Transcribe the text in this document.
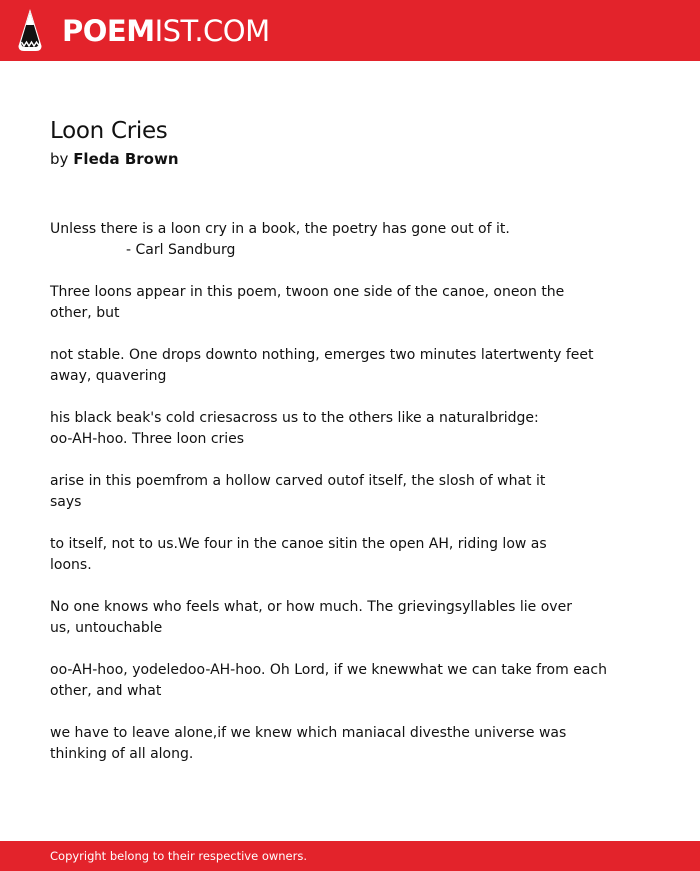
POEMIST.COM
Loon Cries
by Fleda Brown
Unless there is a loon cry in a book, the poetry has gone out of it.
- Carl Sandburg
Three loons appear in this poem, twoon one side of the canoe, oneon the
other, but
not stable. One drops downto nothing, emerges two minutes latertwenty feet
away, quavering
his black beak's cold criesacross us to the others like a naturalbridge:
oo-AH-hoo. Three loon cries
arise in this poemfrom a hollow carved outof itself, the slosh of what it
says
to itself, not to us.We four in the canoe sitin the open AH, riding low as
loons.
No one knows who feels what, or how much. The grievingsyllables lie over
us, untouchable
oo-AH-hoo, yodeledoo-AH-hoo. Oh Lord, if we knewwhat we can take from each
other, and what
we have to leave alone,if we knew which maniacal divesthe universe was
thinking of all along.
Copyright belong to their respective owners.
